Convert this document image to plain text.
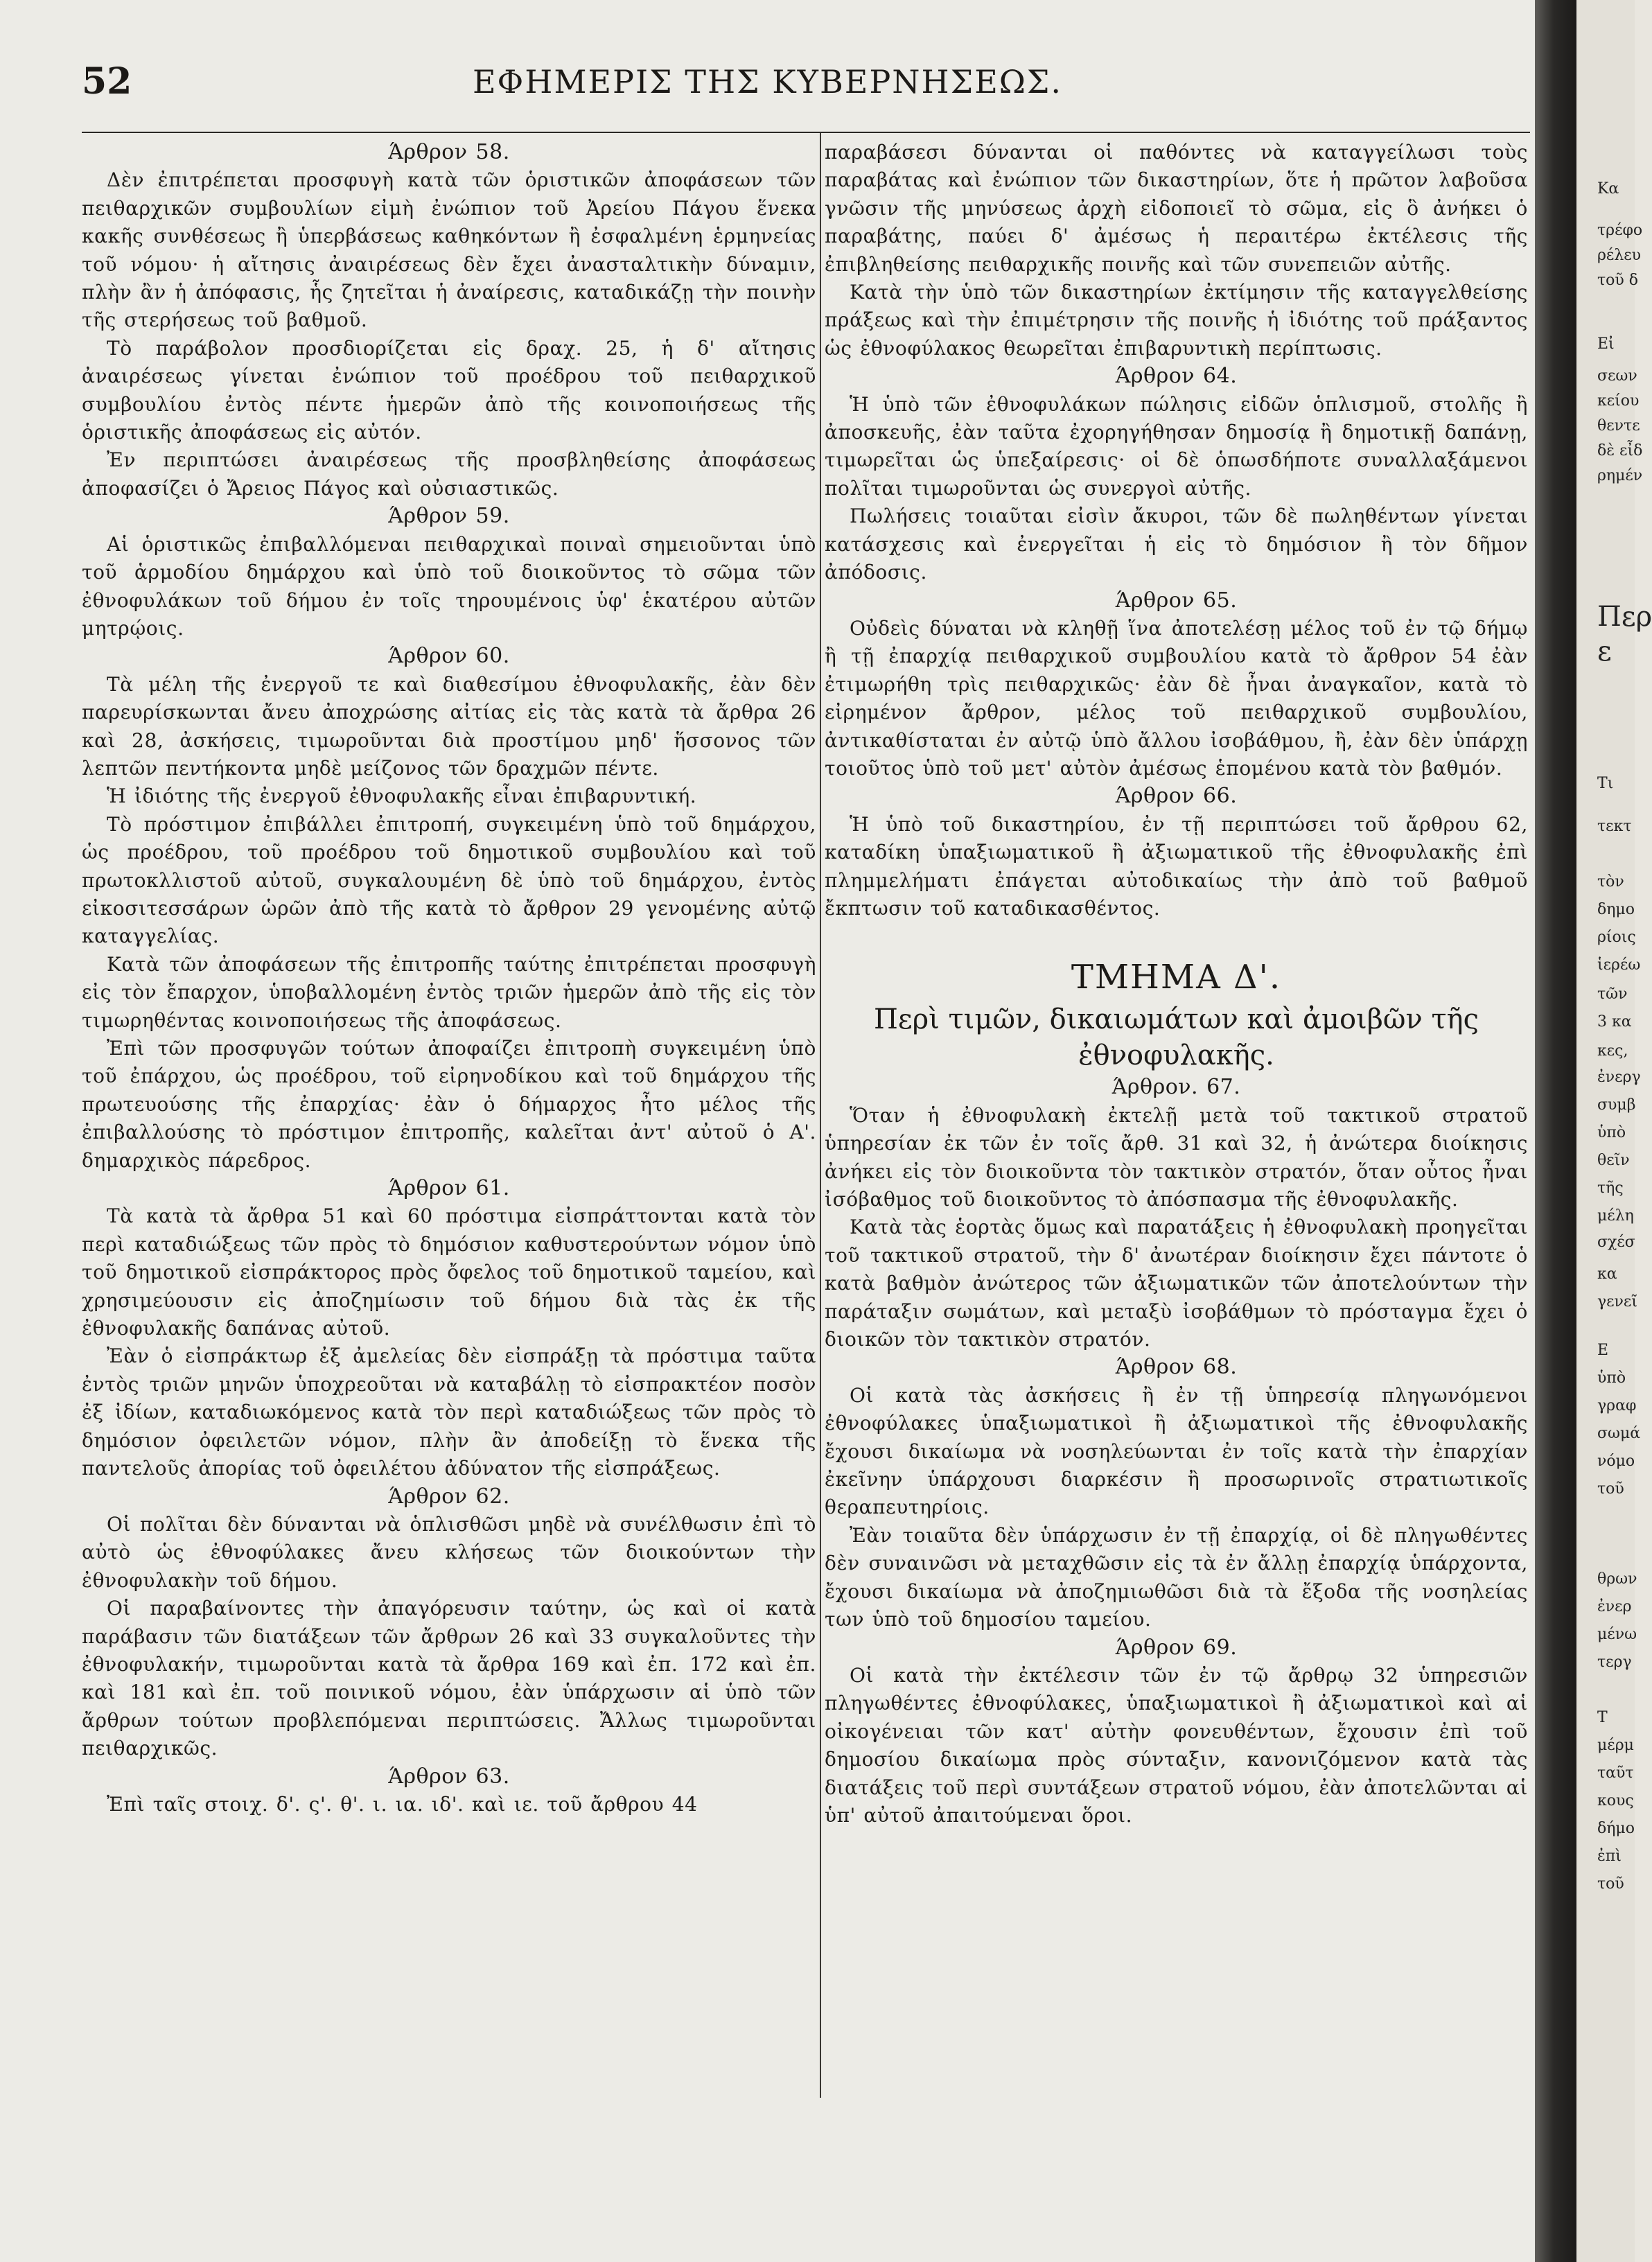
52	ΕΦΗΜΕΡΙΣ ΤΗΣ ΚΥΒΕΡΝΗΣΕΩΣ.

Άρθρον 58.

Δὲν ἐπιτρέπεται προσφυγὴ κατὰ τῶν ὁριστικῶν ἀποφάσεων τῶν πειθαρχικῶν συμβουλίων εἰμὴ ἐνώπιον τοῦ Ἀρείου Πάγου ἕνεκα κακῆς συνθέσεως ἢ ὑπερβάσεως καθηκόντων ἢ ἐσφαλμένη ἑρμηνείας τοῦ νόμου· ἡ αἴτησις ἀναιρέσεως δὲν ἔχει ἀνασταλτικὴν δύναμιν, πλὴν ἂν ἡ ἀπόφασις, ἧς ζητεῖται ἡ ἀναίρεσις, καταδικάζῃ τὴν ποινὴν τῆς στερήσεως τοῦ βαθμοῦ.

Τὸ παράβολον προσδιορίζεται εἰς δραχ. 25, ἡ δ' αἴτησις ἀναιρέσεως γίνεται ἐνώπιον τοῦ προέδρου τοῦ πειθαρχικοῦ συμβουλίου ἐντὸς πέντε ἡμερῶν ἀπὸ τῆς κοινοποιήσεως τῆς ὁριστικῆς ἀποφάσεως εἰς αὐτόν.

Ἐν περιπτώσει ἀναιρέσεως τῆς προσβληθείσης ἀποφάσεως ἀποφασίζει ὁ Ἄρειος Πάγος καὶ οὐσιαστικῶς.

Άρθρον 59.

Αἱ ὁριστικῶς ἐπιβαλλόμεναι πειθαρχικαὶ ποιναὶ σημειοῦνται ὑπὸ τοῦ ἁρμοδίου δημάρχου καὶ ὑπὸ τοῦ διοικοῦντος τὸ σῶμα τῶν ἐθνοφυλάκων τοῦ δήμου ἐν τοῖς τηρουμένοις ὑφ' ἑκατέρου αὐτῶν μητρῴοις.

Άρθρον 60.

Τὰ μέλη τῆς ἐνεργοῦ τε καὶ διαθεσίμου ἐθνοφυλακῆς, ἐὰν δὲν παρευρίσκωνται ἄνευ ἀποχρώσης αἰτίας εἰς τὰς κατὰ τὰ ἄρθρα 26 καὶ 28, ἀσκήσεις, τιμωροῦνται διὰ προστίμου μηδ' ἥσσονος τῶν λεπτῶν πεντήκοντα μηδὲ μείζονος τῶν δραχμῶν πέντε.

Ἡ ἰδιότης τῆς ἐνεργοῦ ἐθνοφυλακῆς εἶναι ἐπιβαρυντική.

Τὸ πρόστιμον ἐπιβάλλει ἐπιτροπή, συγκειμένη ὑπὸ τοῦ δημάρχου, ὡς προέδρου, τοῦ προέδρου τοῦ δημοτικοῦ συμβουλίου καὶ τοῦ πρωτοκλλιστοῦ αὐτοῦ, συγκαλουμένη δὲ ὑπὸ τοῦ δημάρχου, ἐντὸς εἰκοσιτεσσάρων ὡρῶν ἀπὸ τῆς κατὰ τὸ ἄρθρον 29 γενομένης αὐτῷ καταγγελίας.

Κατὰ τῶν ἀποφάσεων τῆς ἐπιτροπῆς ταύτης ἐπιτρέπεται προσφυγὴ εἰς τὸν ἔπαρχον, ὑποβαλλομένη ἐντὸς τριῶν ἡμερῶν ἀπὸ τῆς εἰς τὸν τιμωρηθέντας κοινοποιήσεως τῆς ἀποφάσεως.

Ἐπὶ τῶν προσφυγῶν τούτων ἀποφαίζει ἐπιτροπὴ συγκειμένη ὑπὸ τοῦ ἐπάρχου, ὡς προέδρου, τοῦ εἰρηνοδίκου καὶ τοῦ δημάρχου τῆς πρωτευούσης τῆς ἐπαρχίας· ἐὰν ὁ δήμαρχος ἦτο μέλος τῆς ἐπιβαλλούσης τὸ πρόστιμον ἐπιτροπῆς, καλεῖται ἀντ' αὐτοῦ ὁ Α'. δημαρχικὸς πάρεδρος.

Άρθρον 61.

Τὰ κατὰ τὰ ἄρθρα 51 καὶ 60 πρόστιμα εἰσπράττονται κατὰ τὸν περὶ καταδιώξεως τῶν πρὸς τὸ δημόσιον καθυστερούντων νόμον ὑπὸ τοῦ δημοτικοῦ εἰσπράκτορος πρὸς ὄφελος τοῦ δημοτικοῦ ταμείου, καὶ χρησιμεύουσιν εἰς ἀποζημίωσιν τοῦ δήμου διὰ τὰς ἐκ τῆς ἐθνοφυλακῆς δαπάνας αὐτοῦ.

Ἐὰν ὁ εἰσπράκτωρ ἐξ ἀμελείας δὲν εἰσπράξῃ τὰ πρόστιμα ταῦτα ἐντὸς τριῶν μηνῶν ὑποχρεοῦται νὰ καταβάλῃ τὸ εἰσπρακτέον ποσὸν ἐξ ἰδίων, καταδιωκόμενος κατὰ τὸν περὶ καταδιώξεως τῶν πρὸς τὸ δημόσιον ὀφειλετῶν νόμον, πλὴν ἂν ἀποδείξῃ τὸ ἕνεκα τῆς παντελοῦς ἀπορίας τοῦ ὀφειλέτου ἀδύνατον τῆς εἰσπράξεως.

Άρθρον 62.

Οἱ πολῖται δὲν δύνανται νὰ ὁπλισθῶσι μηδὲ νὰ συνέλθωσιν ἐπὶ τὸ αὐτὸ ὡς ἐθνοφύλακες ἄνευ κλήσεως τῶν διοικούντων τὴν ἐθνοφυλακὴν τοῦ δήμου.

Οἱ παραβαίνοντες τὴν ἀπαγόρευσιν ταύτην, ὡς καὶ οἱ κατὰ παράβασιν τῶν διατάξεων τῶν ἄρθρων 26 καὶ 33 συγκαλοῦντες τὴν ἐθνοφυλακήν, τιμωροῦνται κατὰ τὰ ἄρθρα 169 καὶ ἐπ. 172 καὶ ἐπ. καὶ 181 καὶ ἐπ. τοῦ ποινικοῦ νόμου, ἐὰν ὑπάρχωσιν αἱ ὑπὸ τῶν ἄρθρων τούτων προβλεπόμεναι περιπτώσεις. Ἄλλως τιμωροῦνται πειθαρχικῶς.

Άρθρον 63.

Ἐπὶ ταῖς στοιχ. δ'. ς'. θ'. ι. ια. ιδ'. καὶ ιε. τοῦ ἄρθρου 44

παραβάσεσι δύνανται οἱ παθόντες νὰ καταγγείλωσι τοὺς παραβάτας καὶ ἐνώπιον τῶν δικαστηρίων, ὅτε ἡ πρῶτον λαβοῦσα γνῶσιν τῆς μηνύσεως ἀρχὴ εἰδοποιεῖ τὸ σῶμα, εἰς ὃ ἀνήκει ὁ παραβάτης, παύει δ' ἀμέσως ἡ περαιτέρω ἐκτέλεσις τῆς ἐπιβληθείσης πειθαρχικῆς ποινῆς καὶ τῶν συνεπειῶν αὐτῆς.

Κατὰ τὴν ὑπὸ τῶν δικαστηρίων ἐκτίμησιν τῆς καταγγελθείσης πράξεως καὶ τὴν ἐπιμέτρησιν τῆς ποινῆς ἡ ἰδιότης τοῦ πράξαντος ὡς ἐθνοφύλακος θεωρεῖται ἐπιβαρυντικὴ περίπτωσις.

Άρθρον 64.

Ἡ ὑπὸ τῶν ἐθνοφυλάκων πώλησις εἰδῶν ὁπλισμοῦ, στολῆς ἢ ἀποσκευῆς, ἐὰν ταῦτα ἐχορηγήθησαν δημοσίᾳ ἢ δημοτικῇ δαπάνῃ, τιμωρεῖται ὡς ὑπεξαίρεσις· οἱ δὲ ὁπωσδήποτε συναλλαξάμενοι πολῖται τιμωροῦνται ὡς συνεργοὶ αὐτῆς.

Πωλήσεις τοιαῦται εἰσὶν ἄκυροι, τῶν δὲ πωληθέντων γίνεται κατάσχεσις καὶ ἐνεργεῖται ἡ εἰς τὸ δημόσιον ἢ τὸν δῆμον ἀπόδοσις.

Άρθρον 65.

Οὐδεὶς δύναται νὰ κληθῇ ἵνα ἀποτελέσῃ μέλος τοῦ ἐν τῷ δήμῳ ἢ τῇ ἐπαρχίᾳ πειθαρχικοῦ συμβουλίου κατὰ τὸ ἄρθρον 54 ἐὰν ἐτιμωρήθη τρὶς πειθαρχικῶς· ἐὰν δὲ ἦναι ἀναγκαῖον, κατὰ τὸ εἰρημένον ἄρθρον, μέλος τοῦ πειθαρχικοῦ συμβουλίου, ἀντικαθίσταται ἐν αὐτῷ ὑπὸ ἄλλου ἰσοβάθμου, ἢ, ἐὰν δὲν ὑπάρχῃ τοιοῦτος ὑπὸ τοῦ μετ' αὐτὸν ἀμέσως ἑπομένου κατὰ τὸν βαθμόν.

Άρθρον 66.

Ἡ ὑπὸ τοῦ δικαστηρίου, ἐν τῇ περιπτώσει τοῦ ἄρθρου 62, καταδίκη ὑπαξιωματικοῦ ἢ ἀξιωματικοῦ τῆς ἐθνοφυλακῆς ἐπὶ πλημμελήματι ἐπάγεται αὐτοδικαίως τὴν ἀπὸ τοῦ βαθμοῦ ἔκπτωσιν τοῦ καταδικασθέντος.

ΤΜΗΜΑ Δ'.
Περὶ τιμῶν, δικαιωμάτων καὶ ἀμοιβῶν τῆς ἐθνοφυλακῆς.

Άρθρον. 67.

Ὅταν ἡ ἐθνοφυλακὴ ἐκτελῇ μετὰ τοῦ τακτικοῦ στρατοῦ ὑπηρεσίαν ἐκ τῶν ἐν τοῖς ἄρθ. 31 καὶ 32, ἡ ἀνώτερα διοίκησις ἀνήκει εἰς τὸν διοικοῦντα τὸν τακτικὸν στρατόν, ὅταν οὗτος ἦναι ἰσόβαθμος τοῦ διοικοῦντος τὸ ἀπόσπασμα τῆς ἐθνοφυλακῆς.

Κατὰ τὰς ἑορτὰς ὅμως καὶ παρατάξεις ἡ ἐθνοφυλακὴ προηγεῖται τοῦ τακτικοῦ στρατοῦ, τὴν δ' ἀνωτέραν διοίκησιν ἔχει πάντοτε ὁ κατὰ βαθμὸν ἀνώτερος τῶν ἀξιωματικῶν τῶν ἀποτελούντων τὴν παράταξιν σωμάτων, καὶ μεταξὺ ἰσοβάθμων τὸ πρόσταγμα ἔχει ὁ διοικῶν τὸν τακτικὸν στρατόν.

Άρθρον 68.

Οἱ κατὰ τὰς ἀσκήσεις ἢ ἐν τῇ ὑπηρεσίᾳ πληγωνόμενοι ἐθνοφύλακες ὑπαξιωματικοὶ ἢ ἀξιωματικοὶ τῆς ἐθνοφυλακῆς ἔχουσι δικαίωμα νὰ νοσηλεύωνται ἐν τοῖς κατὰ τὴν ἐπαρχίαν ἐκεῖνην ὑπάρχουσι διαρκέσιν ἢ προσωρινοῖς στρατιωτικοῖς θεραπευτηρίοις.

Ἐὰν τοιαῦτα δὲν ὑπάρχωσιν ἐν τῇ ἐπαρχίᾳ, οἱ δὲ πληγωθέντες δὲν συναινῶσι νὰ μεταχθῶσιν εἰς τὰ ἐν ἄλλῃ ἐπαρχίᾳ ὑπάρχοντα, ἔχουσι δικαίωμα νὰ ἀποζημιωθῶσι διὰ τὰ ἔξοδα τῆς νοσηλείας των ὑπὸ τοῦ δημοσίου ταμείου.

Άρθρον 69.

Οἱ κατὰ τὴν ἐκτέλεσιν τῶν ἐν τῷ ἄρθρῳ 32 ὑπηρεσιῶν πληγωθέντες ἐθνοφύλακες, ὑπαξιωματικοὶ ἢ ἀξιωματικοὶ καὶ αἱ οἰκογένειαι τῶν κατ' αὐτὴν φονευθέντων, ἔχουσιν ἐπὶ τοῦ δημοσίου δικαίωμα πρὸς σύνταξιν, κανονιζόμενον κατὰ τὰς διατάξεις τοῦ περὶ συντάξεων στρατοῦ νόμου, ἐὰν ἀποτελῶνται αἱ ὑπ' αὐτοῦ ἀπαιτούμεναι ὅροι.

Κα
τρέφο
ρέλευ
τοῦ δ
Εἰ
σεων
κείου
θεντε
δὲ εἶδ
ρημέν
Περ
ε
Τι
τεκτ
τὸν
δημο
ρίοις
ἱερέω
τῶν
3 κα
κες,
ἐνεργ
συμβ
ὑπὸ
θεῖν
τῆς
μέλη
σχέσ
κα
γενεῖ
Ε
ὑπὸ
γραφ
σωμά
νόμο
τοῦ
θρων
ἐνερ
μένω
τεργ
Τ
μέρμ
ταῦτ
κους
δήμο
ἐπὶ
τοῦ
